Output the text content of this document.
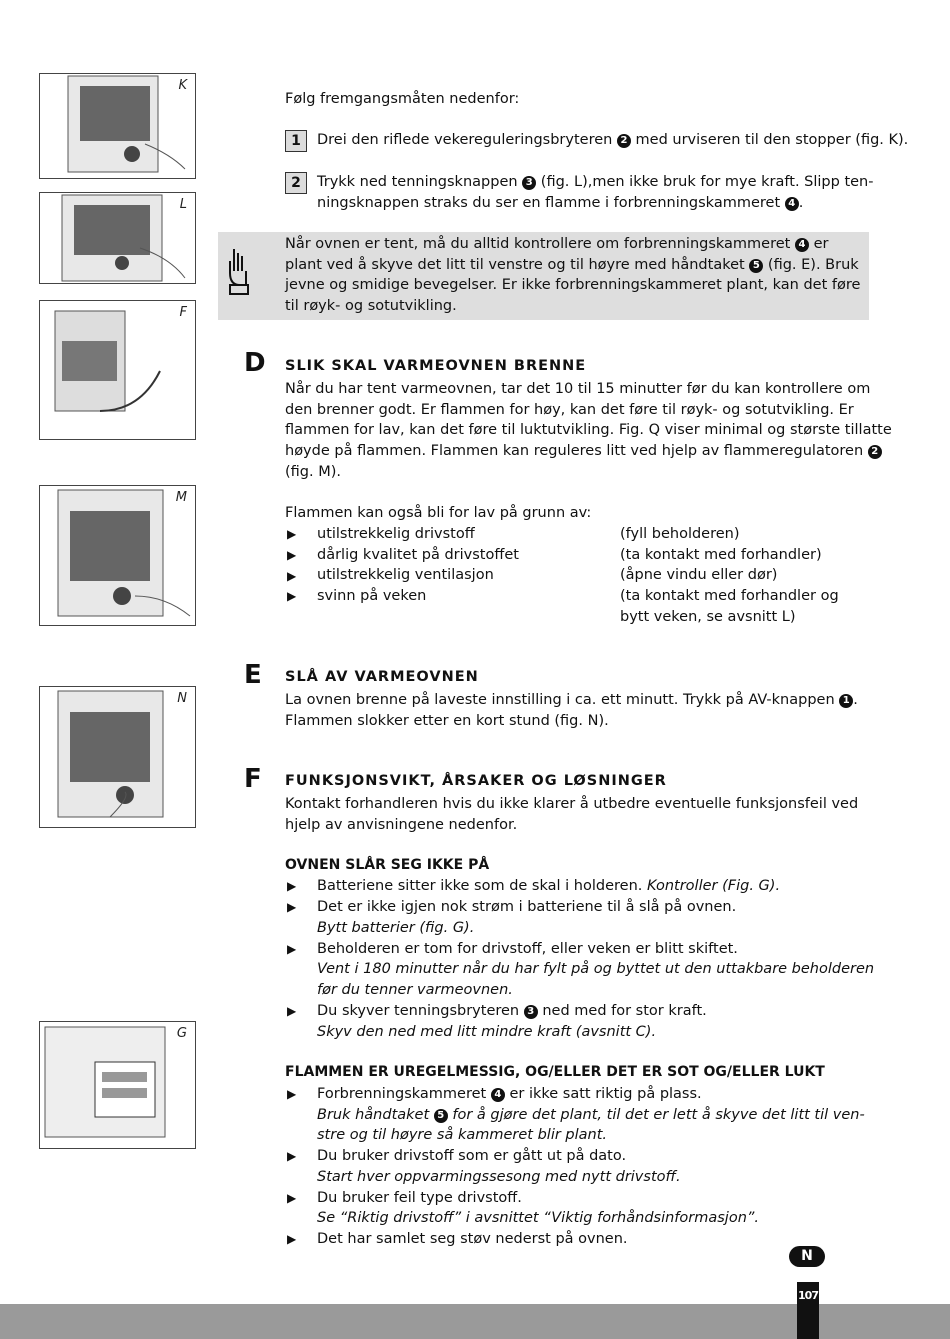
K
L
F
M
N
G
Følg fremgangsmåten nedenfor:
1	Drei den riflede vekereguleringsbryteren 2 med urviseren til den stopper (fig. K).
2	Trykk ned tenningsknappen 3 (fig. L),men ikke bruk for mye kraft. Slipp ten-
ningsknappen straks du ser en flamme i forbrenningskammeret 4 .
Når ovnen er tent, må du alltid kontrollere om forbrenningskammeret 4 er
plant ved å skyve det litt til venstre og til høyre med håndtaket 5 (fig. E). Bruk
jevne og smidige bevegelser. Er ikke forbrenningskammeret plant, kan det føre
til røyk- og sotutvikling.
D SLIK SKAL VARMEOVNEN BRENNE
Når du har tent varmeovnen, tar det 10 til 15 minutter før du kan kontrollere om
den brenner godt. Er flammen for høy, kan det føre til røyk- og sotutvikling. Er
flammen for lav, kan det føre til luktutvikling. Fig. Q viser minimal og største tillatte
høyde på flammen. Flammen kan reguleres litt ved hjelp av flammeregulatoren 2
(fig. M).
Flammen kan også bli for lav på grunn av:
▶ utilstrekkelig drivstoff	(fyll beholderen)
▶ dårlig kvalitet på drivstoffet	(ta kontakt med forhandler)
▶ utilstrekkelig ventilasjon	(åpne vindu eller dør)
▶ svinn på veken	(ta kontakt med forhandler og
bytt veken, se avsnitt L)
E SLÅ AV VARMEOVNEN
La ovnen brenne på laveste innstilling i ca. ett minutt. Trykk på AV-knappen 1 .
Flammen slokker etter en kort stund (fig. N).
F FUNKSJONSVIKT, ÅRSAKER OG LØSNINGER
Kontakt forhandleren hvis du ikke klarer å utbedre eventuelle funksjonsfeil ved
hjelp av anvisningene nedenfor.
OVNEN SLÅR SEG IKKE PÅ
▶ Batteriene sitter ikke som de skal i holderen. Kontroller (Fig. G).
▶ Det er ikke igjen nok strøm i batteriene til å slå på ovnen.
Bytt batterier (fig. G).
▶ Beholderen er tom for drivstoff, eller veken er blitt skiftet.
Vent i 180 minutter når du har fylt på og byttet ut den uttakbare beholderen
før du tenner varmeovnen.
▶ Du skyver tenningsbryteren 3 ned med for stor kraft.
Skyv den ned med litt mindre kraft (avsnitt C).
FLAMMEN ER UREGELMESSIG, OG/ELLER DET ER SOT OG/ELLER LUKT
▶ Forbrenningskammeret 4 er ikke satt riktig på plass.
Bruk håndtaket 5 for å gjøre det plant, til det er lett å skyve det litt til ven-
stre og til høyre så kammeret blir plant.
▶ Du bruker drivstoff som er gått ut på dato.
Start hver oppvarmingssesong med nytt drivstoff.
▶ Du bruker feil type drivstoff.
Se “Riktig drivstoff” i avsnittet “Viktig forhåndsinformasjon”.
▶ Det har samlet seg støv nederst på ovnen.
N
107
